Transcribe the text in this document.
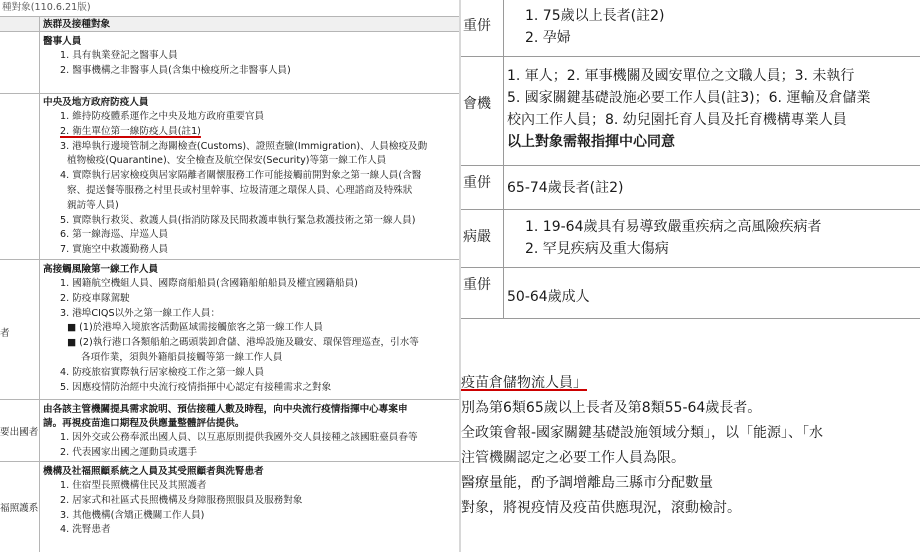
種對象(110.6.21版)
族群及接種對象
醫事人員
1. 具有執業登記之醫事人員
2. 醫事機構之非醫事人員(含集中檢疫所之非醫事人員)
中央及地方政府防疫人員
1. 維持防疫體系運作之中央及地方政府重要官員
2. 衛生單位第一線防疫人員(註1)
3. 港埠執行邊境管制之海關檢查(Customs)、證照查驗(Immigration)、人員檢疫及動
植物檢疫(Quarantine)、安全檢查及航空保安(Security)等第一線工作人員
4. 實際執行居家檢疫與居家隔離者關懷服務工作可能接觸前開對象之第一線人員(含醫
察、提送餐等服務之村里長或村里幹事、垃圾清運之環保人員、心理諮商及特殊狀
親訪等人員)
5. 實際執行救災、救護人員(指消防隊及民間救護車執行緊急救護技術之第一線人員)
6. 第一線海巡、岸巡人員
7. 實施空中救護勤務人員
者
高接觸風險第一線工作人員
1. 國籍航空機組人員、國際商船船員(含國籍船舶船員及權宜國籍船員)
2. 防疫車隊駕駛
3. 港埠CIQS以外之第一線工作人員：
■ (1)於港埠入境旅客活動區域需接觸旅客之第一線工作人員
■ (2)執行港口各類船舶之碼頭裝卸倉儲、港埠設施及職安、環保管理巡查，引水等
各項作業，須與外籍船員接觸等第一線工作人員
4. 防疫旅宿實際執行居家檢疫工作之第一線人員
5. 因應疫情防治經中央流行疫情指揮中心認定有接種需求之對象
要出國者
由各該主管機關提具需求說明、預估接種人數及時程，向中央流行疫情指揮中心專案申
請。再視疫苗進口期程及供應量整體評估提供。
1. 因外交或公務奉派出國人員、以互惠原則提供我國外交人員接種之該國駐臺員眷等
2. 代表國家出國之運動員或選手
福照護系
機構及社福照顧系統之人員及其受照顧者與洗腎患者
1. 住宿型長照機構住民及其照護者
2. 居家式和社區式長照機構及身障服務照服員及服務對象
3. 其他機構(含矯正機關工作人員)
4. 洗腎患者
重併
1. 75歲以上長者(註2)
2. 孕婦
會機
1. 軍人；2. 軍事機關及國安單位之文職人員；3. 未執行
5. 國家關鍵基礎設施必要工作人員(註3)；6. 運輸及倉儲業
校內工作人員；8. 幼兒園托育人員及托育機構專業人員
以上對象需報指揮中心同意
重併 65-74歲長者(註2)
病嚴
1. 19-64歲具有易導致嚴重疾病之高風險疾病者
2. 罕見疾病及重大傷病
重併
50-64歲成人
疫苗倉儲物流人員」
別為第6類65歲以上長者及第8類55-64歲長者。
全政策會報-國家關鍵基礎設施領域分類」，以「能源」、「水
注管機關認定之必要工作人員為限。
醫療量能，酌予調增離島三縣市分配數量
對象，將視疫情及疫苗供應現況，滾動檢討。
